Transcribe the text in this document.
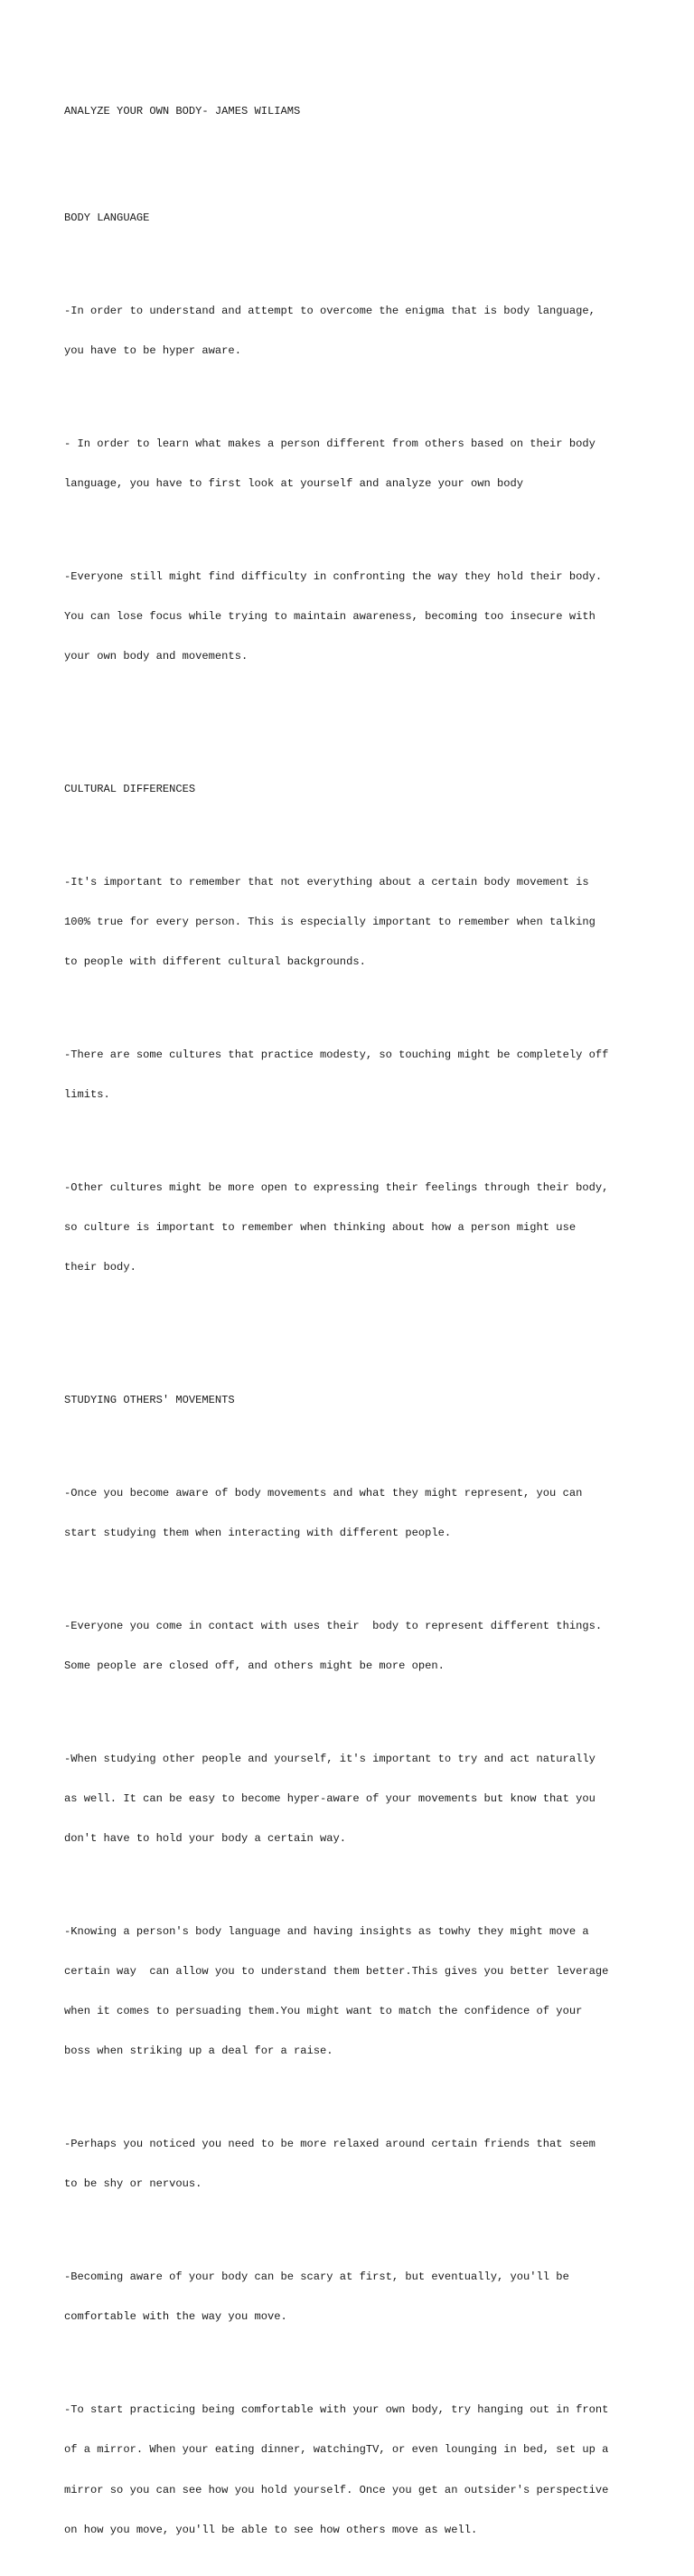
ANALYZE YOUR OWN BODY- JAMES WILIAMS

BODY LANGUAGE

-In order to understand and attempt to overcome the enigma that is body language,

you have to be hyper aware.

- In order to learn what makes a person different from others based on their body

language, you have to first look at yourself and analyze your own body

-Everyone still might find difficulty in confronting the way they hold their body.

You can lose focus while trying to maintain awareness, becoming too insecure with

your own body and movements.

CULTURAL DIFFERENCES

-It's important to remember that not everything about a certain body movement is

100% true for every person. This is especially important to remember when talking

to people with different cultural backgrounds.

-There are some cultures that practice modesty, so touching might be completely off

limits.

-Other cultures might be more open to expressing their feelings through their body,

so culture is important to remember when thinking about how a person might use

their body.

STUDYING OTHERS' MOVEMENTS

-Once you become aware of body movements and what they might represent, you can

start studying them when interacting with different people.

-Everyone you come in contact with uses their  body to represent different things.

Some people are closed off, and others might be more open.

-When studying other people and yourself, it's important to try and act naturally

as well. It can be easy to become hyper-aware of your movements but know that you

don't have to hold your body a certain way.

-Knowing a person's body language and having insights as towhy they might move a

certain way  can allow you to understand them better.This gives you better leverage

when it comes to persuading them.You might want to match the confidence of your

boss when striking up a deal for a raise.

-Perhaps you noticed you need to be more relaxed around certain friends that seem

to be shy or nervous.

-Becoming aware of your body can be scary at first, but eventually, you'll be

comfortable with the way you move.

-To start practicing being comfortable with your own body, try hanging out in front

of a mirror. When your eating dinner, watchingTV, or even lounging in bed, set up a

mirror so you can see how you hold yourself. Once you get an outsider's perspective

on how you move, you'll be able to see how others move as well.
